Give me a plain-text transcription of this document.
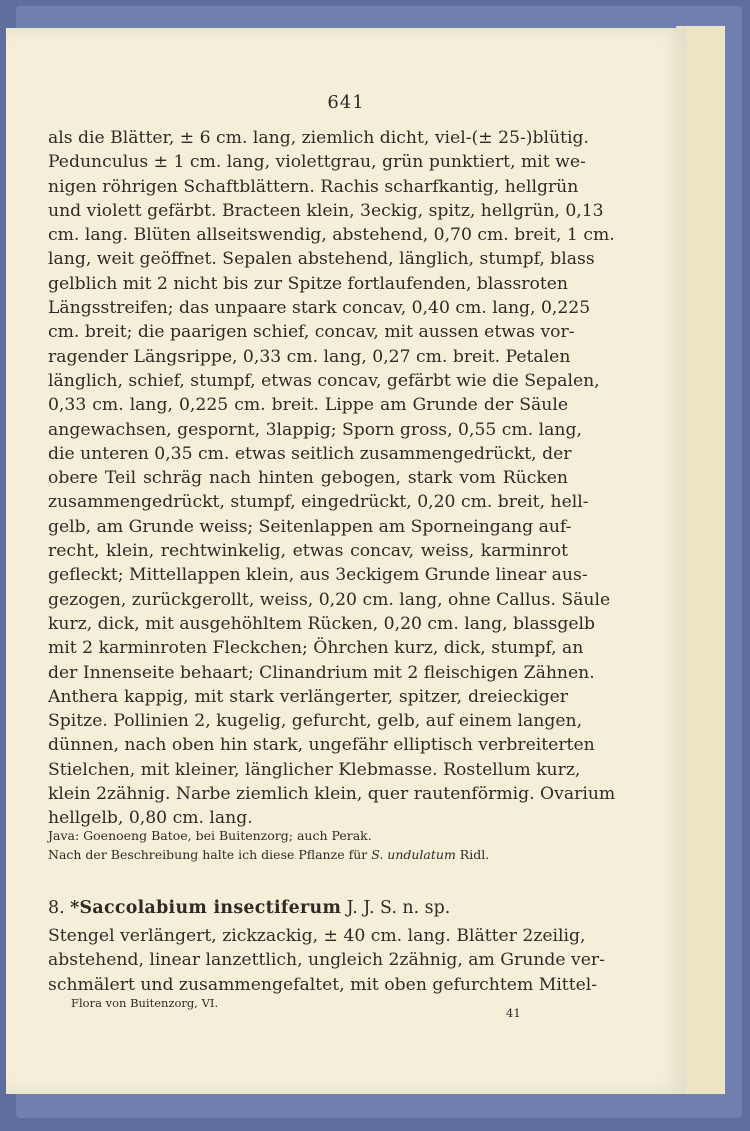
641
als die Blätter, ± 6 cm. lang, ziemlich dicht, viel-(± 25-)blütig.
Pedunculus ± 1 cm. lang, violettgrau, grün punktiert, mit we-
nigen röhrigen Schaftblättern. Rachis scharfkantig, hellgrün
und violett gefärbt. Bracteen klein, 3eckig, spitz, hellgrün, 0,13
cm. lang. Blüten allseitswendig, abstehend, 0,70 cm. breit, 1 cm.
lang, weit geöffnet. Sepalen abstehend, länglich, stumpf, blass
gelblich mit 2 nicht bis zur Spitze fortlaufenden, blassroten
Längsstreifen; das unpaare stark concav, 0,40 cm. lang, 0,225
cm. breit; die paarigen schief, concav, mit aussen etwas vor-
ragender Längsrippe, 0,33 cm. lang, 0,27 cm. breit. Petalen
länglich, schief, stumpf, etwas concav, gefärbt wie die Sepalen,
0,33 cm. lang, 0,225 cm. breit. Lippe am Grunde der Säule
angewachsen, gespornt, 3lappig; Sporn gross, 0,55 cm. lang,
die unteren 0,35 cm. etwas seitlich zusammengedrückt, der
obere Teil schräg nach hinten gebogen, stark vom Rücken
zusammengedrückt, stumpf, eingedrückt, 0,20 cm. breit, hell-
gelb, am Grunde weiss; Seitenlappen am Sporneingang auf-
recht, klein, rechtwinkelig, etwas concav, weiss, karminrot
gefleckt; Mittellappen klein, aus 3eckigem Grunde linear aus-
gezogen, zurückgerollt, weiss, 0,20 cm. lang, ohne Callus. Säule
kurz, dick, mit ausgehöhltem Rücken, 0,20 cm. lang, blassgelb
mit 2 karminroten Fleckchen; Öhrchen kurz, dick, stumpf, an
der Innenseite behaart; Clinandrium mit 2 fleischigen Zähnen.
Anthera kappig, mit stark verlängerter, spitzer, dreieckiger
Spitze. Pollinien 2, kugelig, gefurcht, gelb, auf einem langen,
dünnen, nach oben hin stark, ungefähr elliptisch verbreiterten
Stielchen, mit kleiner, länglicher Klebmasse. Rostellum kurz,
klein 2zähnig. Narbe ziemlich klein, quer rautenförmig. Ovarium
hellgelb, 0,80 cm. lang.
Java: Goenoeng Batoe, bei Buitenzorg; auch Perak.
Nach der Beschreibung halte ich diese Pflanze für S. undulatum Ridl.
8. *Saccolabium insectiferum J. J. S. n. sp.
Stengel verlängert, zickzackig, ± 40 cm. lang. Blätter 2zeilig,
abstehend, linear lanzettlich, ungleich 2zähnig, am Grunde ver-
schmälert und zusammengefaltet, mit oben gefurchtem Mittel-
Flora von Buitenzorg, VI.
41
